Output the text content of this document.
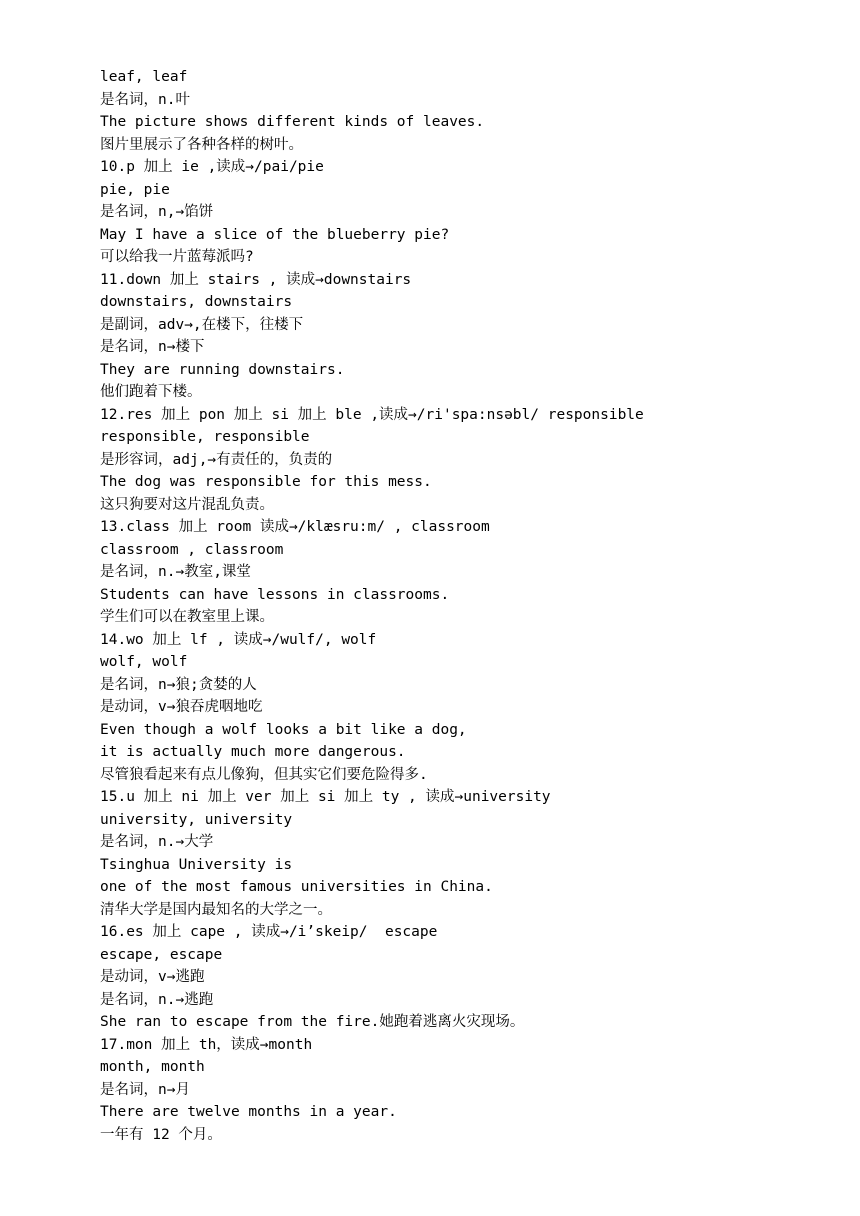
leaf, leaf
是名词，n.叶
The picture shows different kinds of leaves.
图片里展示了各种各样的树叶。
10.p 加上 ie ,读成→/pai/pie
pie, pie
是名词，n,→馅饼
May I have a slice of the blueberry pie?
可以给我一片蓝莓派吗?
11.down 加上 stairs , 读成→downstairs
downstairs, downstairs
是副词，adv→,在楼下，往楼下
是名词，n→楼下
They are running downstairs.
他们跑着下楼。
12.res 加上 pon 加上 si 加上 ble ,读成→/ri'spa:nsəbl/ responsible
responsible, responsible
是形容词，adj,→有责任的，负责的
The dog was responsible for this mess.
这只狗要对这片混乱负责。
13.class 加上 room 读成→/klæsru:m/ , classroom
classroom , classroom
是名词，n.→教室,课堂
Students can have lessons in classrooms.
学生们可以在教室里上课。
14.wo 加上 lf , 读成→/wulf/, wolf
wolf, wolf
是名词，n→狼;贪婪的人
是动词，v→狼吞虎咽地吃
Even though a wolf looks a bit like a dog,
it is actually much more dangerous.
尽管狼看起来有点儿像狗，但其实它们要危险得多.
15.u 加上 ni 加上 ver 加上 si 加上 ty , 读成→university
university, university
是名词，n.→大学
Tsinghua University is
one of the most famous universities in China.
清华大学是国内最知名的大学之一。
16.es 加上 cape , 读成→/i’skeip/  escape
escape, escape
是动词，v→逃跑
是名词，n.→逃跑
She ran to escape from the fire.她跑着逃离火灾现场。
17.mon 加上 th，读成→month
month, month
是名词，n→月
There are twelve months in a year.
一年有 12 个月。
